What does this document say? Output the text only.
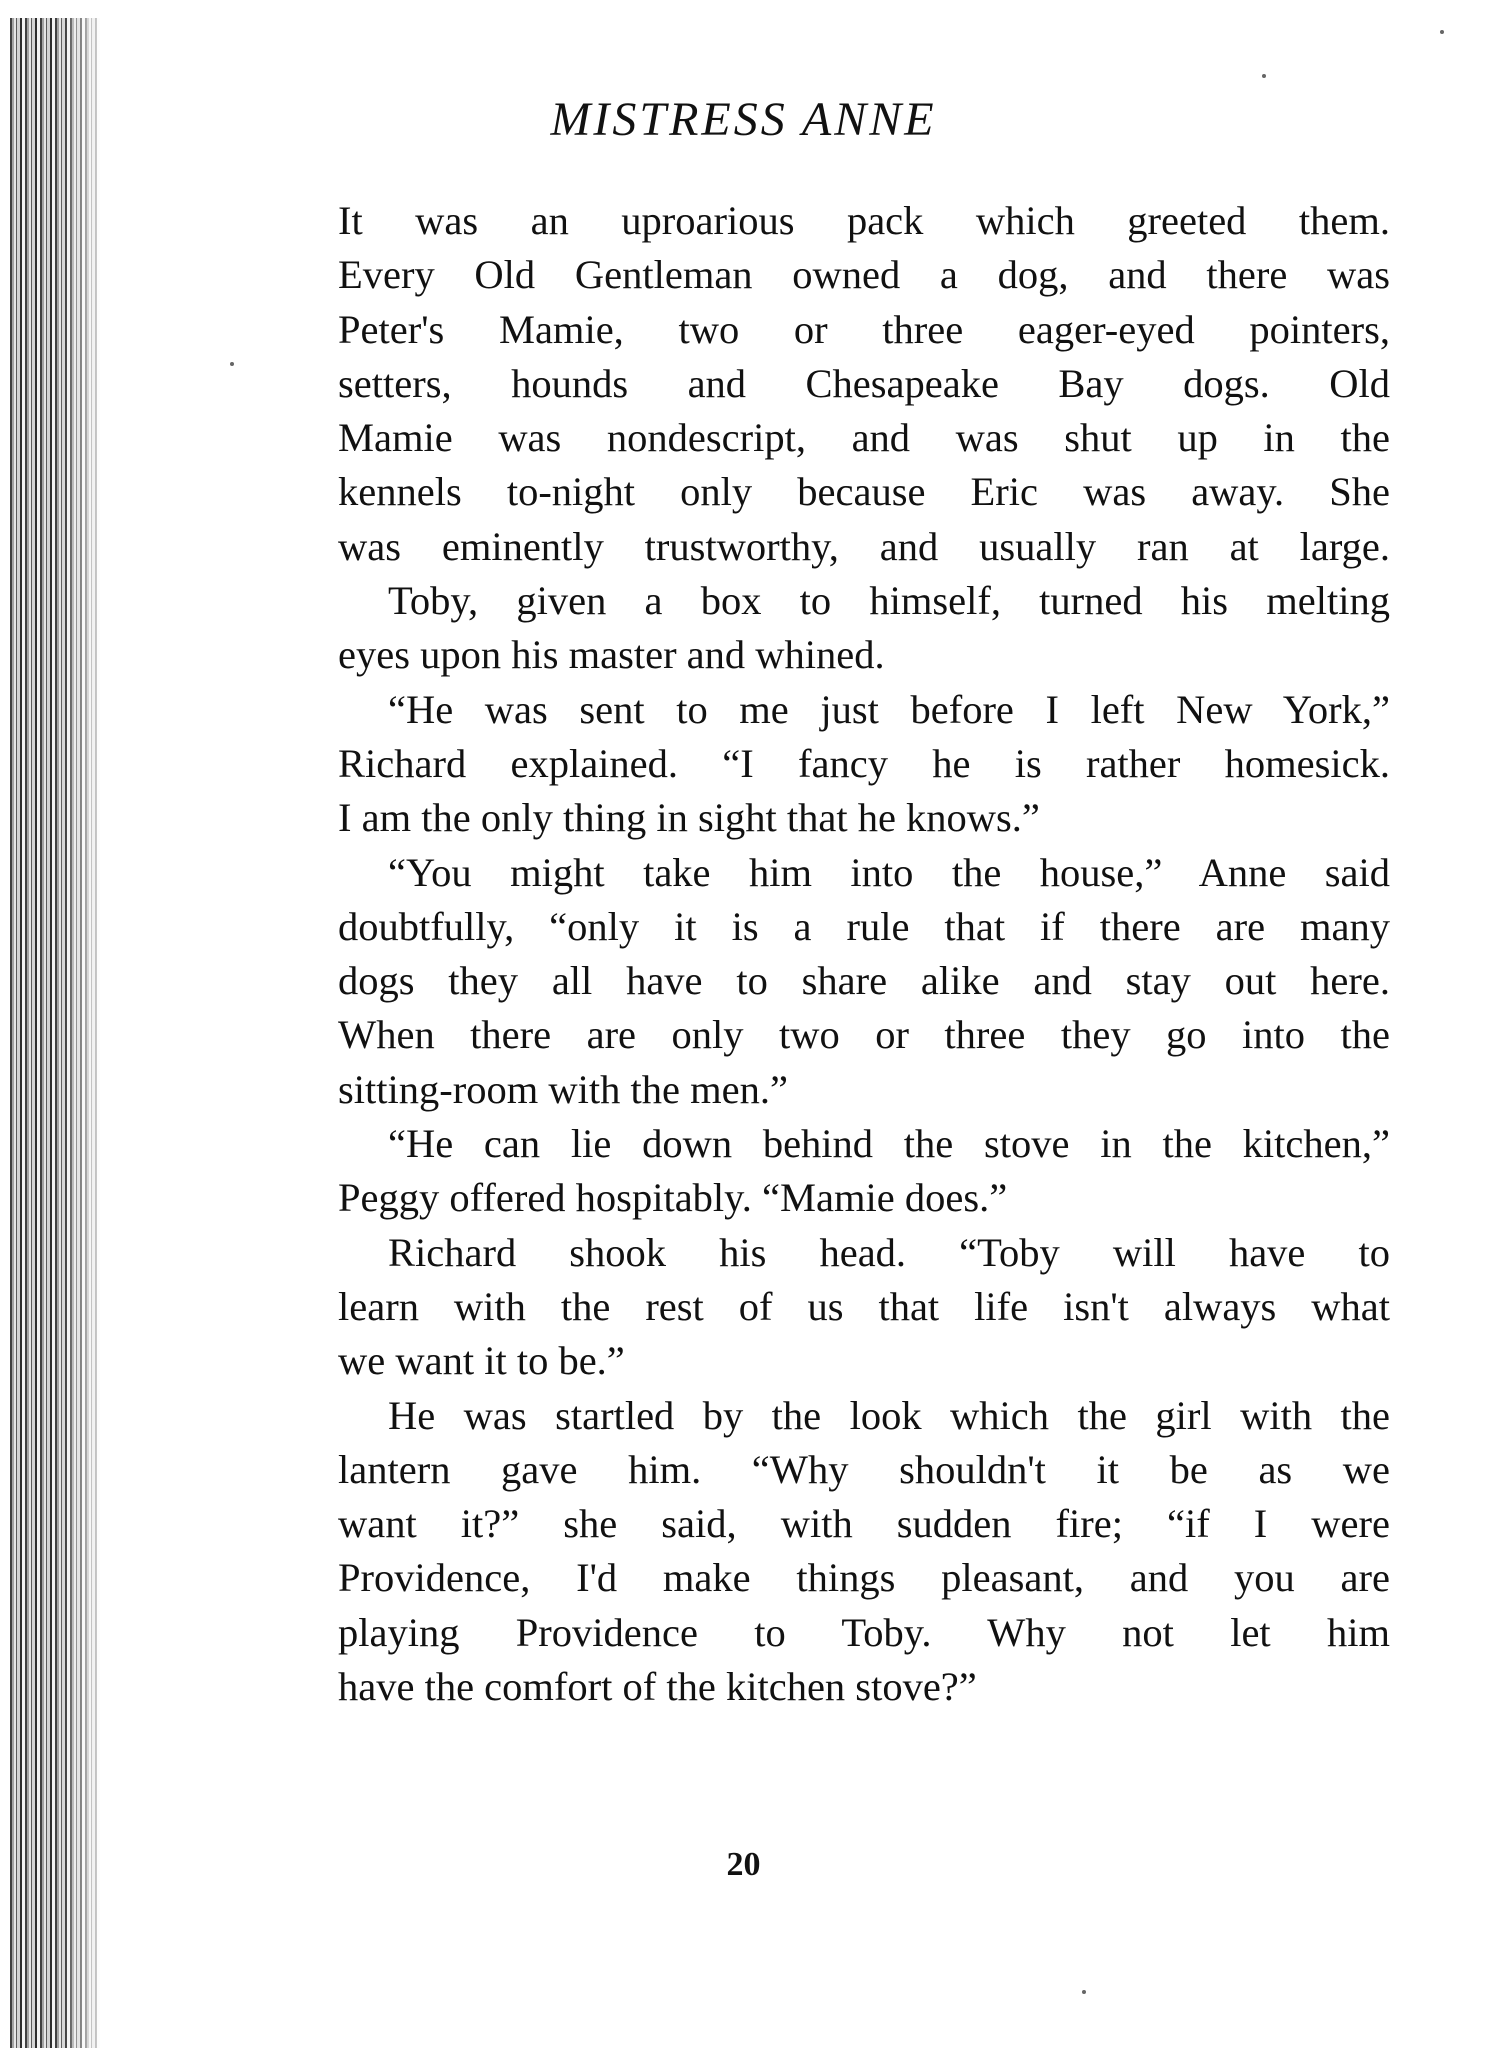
MISTRESS ANNE
It was an uproarious pack which greeted them.
Every Old Gentleman owned a dog, and there was
Peter's Mamie, two or three eager-eyed pointers,
setters, hounds and Chesapeake Bay dogs. Old
Mamie was nondescript, and was shut up in the
kennels to-night only because Eric was away. She
was eminently trustworthy, and usually ran at large.
Toby, given a box to himself, turned his melting
eyes upon his master and whined.
“He was sent to me just before I left New York,”
Richard explained. “I fancy he is rather homesick.
I am the only thing in sight that he knows.”
“You might take him into the house,” Anne said
doubtfully, “only it is a rule that if there are many
dogs they all have to share alike and stay out here.
When there are only two or three they go into the
sitting-room with the men.”
“He can lie down behind the stove in the kitchen,”
Peggy offered hospitably. “Mamie does.”
Richard shook his head. “Toby will have to
learn with the rest of us that life isn't always what
we want it to be.”
He was startled by the look which the girl with the
lantern gave him. “Why shouldn't it be as we
want it?” she said, with sudden fire; “if I were
Providence, I'd make things pleasant, and you are
playing Providence to Toby. Why not let him
have the comfort of the kitchen stove?”
20
